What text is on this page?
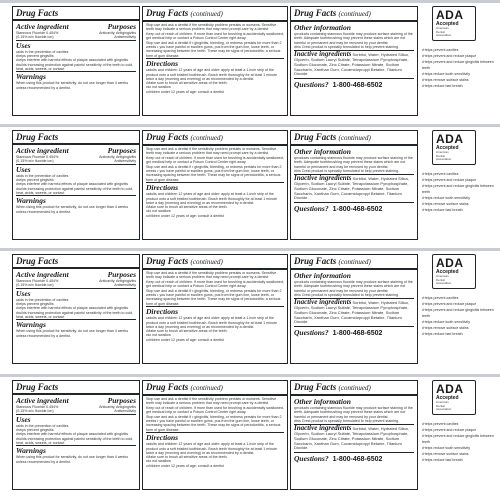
Drug Facts
Active ingredient	Purposes
Stannous Fluoride 0.454%	Anticavity, Antigingivitis
(0.15% w/v fluoride ion)	Antisensitivity
Uses
• aids in the prevention of cavities
• helps prevent gingivitis
• helps interfere with harmful effects of plaque associated with gingivitis
• builds increasing protection against painful sensitivity of the teeth to cold, heat, acids, sweets, or contact
Warnings
When using this product for sensitivity, do not use longer than 4 weeks unless recommended by a dentist.
Drug Facts (continued)
Stop use and ask a dentist if the sensitivity problem persists or worsens. Sensitive teeth may indicate a serious problem that may need prompt care by a dentist.
Keep out of reach of children. If more than used for brushing is accidentally swallowed, get medical help or contact a Poison Control Center right away.
Stop use and ask a dentist if • gingivitis, bleeding, or redness persists for more than 2 weeks • you have painful or swollen gums, pus from the gum line, loose teeth, or increasing spacing between the teeth. These may be signs of periodontitis, a serious form of gum disease.
Directions
• adults and children 12 years of age and older: apply at least a 1-inch strip of the product onto a soft bristled toothbrush. Brush teeth thoroughly for at least 1 minute twice a day (morning and evening) or as recommended by a dentist.
• Make sure to brush all sensitive areas of the teeth.
• do not swallow
• children under 12 years of age: consult a dentist
Drug Facts (continued)
Other information
• products containing stannous fluoride may produce surface staining of the teeth. Adequate toothbrushing may prevent these stains which are not harmful or permanent and may be removed by your dentist.
• this Crest product is specially formulated to help prevent staining.
Inactive ingredients Sorbitol, Water, Hydrated Silica, Glycerin, Sodium Lauryl Sulfate, Tetrapotassium Pyrophosphate, Sodium Gluconate, Zinc Citrate, Potassium Nitrate, Sodium Saccharin, Xanthan Gum, Cocamidopropyl Betaine, Titanium Dioxide.
Questions? 1-800-468-6502
ADA
Accepted
American
Dental
Association
• Helps prevent cavities
• Helps prevent and reduce plaque
• Helps prevent and reduce gingivitis between teeth
• Helps reduce tooth sensitivity
• Helps remove surface stains
• Helps reduce bad breath
Drug Facts
Active ingredient	Purposes
Stannous Fluoride 0.454%	Anticavity, Antigingivitis
(0.15% w/v fluoride ion)	Antisensitivity
Uses
• aids in the prevention of cavities
• helps prevent gingivitis
• helps interfere with harmful effects of plaque associated with gingivitis
• builds increasing protection against painful sensitivity of the teeth to cold, heat, acids, sweets, or contact
Warnings
When using this product for sensitivity, do not use longer than 4 weeks unless recommended by a dentist.
Drug Facts (continued)
Stop use and ask a dentist if the sensitivity problem persists or worsens. Sensitive teeth may indicate a serious problem that may need prompt care by a dentist.
Keep out of reach of children. If more than used for brushing is accidentally swallowed, get medical help or contact a Poison Control Center right away.
Stop use and ask a dentist if • gingivitis, bleeding, or redness persists for more than 2 weeks • you have painful or swollen gums, pus from the gum line, loose teeth, or increasing spacing between the teeth. These may be signs of periodontitis, a serious form of gum disease.
Directions
• adults and children 12 years of age and older: apply at least a 1-inch strip of the product onto a soft bristled toothbrush. Brush teeth thoroughly for at least 1 minute twice a day (morning and evening) or as recommended by a dentist.
• Make sure to brush all sensitive areas of the teeth.
• do not swallow
• children under 12 years of age: consult a dentist
Drug Facts (continued)
Other information
• products containing stannous fluoride may produce surface staining of the teeth. Adequate toothbrushing may prevent these stains which are not harmful or permanent and may be removed by your dentist.
• this Crest product is specially formulated to help prevent staining.
Inactive ingredients Sorbitol, Water, Hydrated Silica, Glycerin, Sodium Lauryl Sulfate, Tetrapotassium Pyrophosphate, Sodium Gluconate, Zinc Citrate, Potassium Nitrate, Sodium Saccharin, Xanthan Gum, Cocamidopropyl Betaine, Titanium Dioxide.
Questions? 1-800-468-6502
ADA
Accepted
American
Dental
Association
• Helps prevent cavities
• Helps prevent and reduce plaque
• Helps prevent and reduce gingivitis between teeth
• Helps reduce tooth sensitivity
• Helps remove surface stains
• Helps reduce bad breath
Drug Facts
Active ingredient	Purposes
Stannous Fluoride 0.454%	Anticavity, Antigingivitis
(0.15% w/v fluoride ion)	Antisensitivity
Uses
• aids in the prevention of cavities
• helps prevent gingivitis
• helps interfere with harmful effects of plaque associated with gingivitis
• builds increasing protection against painful sensitivity of the teeth to cold, heat, acids, sweets, or contact
Warnings
When using this product for sensitivity, do not use longer than 4 weeks unless recommended by a dentist.
Drug Facts (continued)
Stop use and ask a dentist if the sensitivity problem persists or worsens. Sensitive teeth may indicate a serious problem that may need prompt care by a dentist.
Keep out of reach of children. If more than used for brushing is accidentally swallowed, get medical help or contact a Poison Control Center right away.
Stop use and ask a dentist if • gingivitis, bleeding, or redness persists for more than 2 weeks • you have painful or swollen gums, pus from the gum line, loose teeth, or increasing spacing between the teeth. These may be signs of periodontitis, a serious form of gum disease.
Directions
• adults and children 12 years of age and older: apply at least a 1-inch strip of the product onto a soft bristled toothbrush. Brush teeth thoroughly for at least 1 minute twice a day (morning and evening) or as recommended by a dentist.
• Make sure to brush all sensitive areas of the teeth.
• do not swallow
• children under 12 years of age: consult a dentist
Drug Facts (continued)
Other information
• products containing stannous fluoride may produce surface staining of the teeth. Adequate toothbrushing may prevent these stains which are not harmful or permanent and may be removed by your dentist.
• this Crest product is specially formulated to help prevent staining.
Inactive ingredients Sorbitol, Water, Hydrated Silica, Glycerin, Sodium Lauryl Sulfate, Tetrapotassium Pyrophosphate, Sodium Gluconate, Zinc Citrate, Potassium Nitrate, Sodium Saccharin, Xanthan Gum, Cocamidopropyl Betaine, Titanium Dioxide.
Questions? 1-800-468-6502
ADA
Accepted
American
Dental
Association
• Helps prevent cavities
• Helps prevent and reduce plaque
• Helps prevent and reduce gingivitis between teeth
• Helps reduce tooth sensitivity
• Helps remove surface stains
• Helps reduce bad breath
Drug Facts
Active ingredient	Purposes
Stannous Fluoride 0.454%	Anticavity, Antigingivitis
(0.15% w/v fluoride ion)	Antisensitivity
Uses
• aids in the prevention of cavities
• helps prevent gingivitis
• helps interfere with harmful effects of plaque associated with gingivitis
• builds increasing protection against painful sensitivity of the teeth to cold, heat, acids, sweets, or contact
Warnings
When using this product for sensitivity, do not use longer than 4 weeks unless recommended by a dentist.
Drug Facts (continued)
Stop use and ask a dentist if the sensitivity problem persists or worsens. Sensitive teeth may indicate a serious problem that may need prompt care by a dentist.
Keep out of reach of children. If more than used for brushing is accidentally swallowed, get medical help or contact a Poison Control Center right away.
Stop use and ask a dentist if • gingivitis, bleeding, or redness persists for more than 2 weeks • you have painful or swollen gums, pus from the gum line, loose teeth, or increasing spacing between the teeth. These may be signs of periodontitis, a serious form of gum disease.
Directions
• adults and children 12 years of age and older: apply at least a 1-inch strip of the product onto a soft bristled toothbrush. Brush teeth thoroughly for at least 1 minute twice a day (morning and evening) or as recommended by a dentist.
• Make sure to brush all sensitive areas of the teeth.
• do not swallow
• children under 12 years of age: consult a dentist
Drug Facts (continued)
Other information
• products containing stannous fluoride may produce surface staining of the teeth. Adequate toothbrushing may prevent these stains which are not harmful or permanent and may be removed by your dentist.
• this Crest product is specially formulated to help prevent staining.
Inactive ingredients Sorbitol, Water, Hydrated Silica, Glycerin, Sodium Lauryl Sulfate, Tetrapotassium Pyrophosphate, Sodium Gluconate, Zinc Citrate, Potassium Nitrate, Sodium Saccharin, Xanthan Gum, Cocamidopropyl Betaine, Titanium Dioxide.
Questions? 1-800-468-6502
ADA
Accepted
American
Dental
Association
• Helps prevent cavities
• Helps prevent and reduce plaque
• Helps prevent and reduce gingivitis between teeth
• Helps reduce tooth sensitivity
• Helps remove surface stains
• Helps reduce bad breath
